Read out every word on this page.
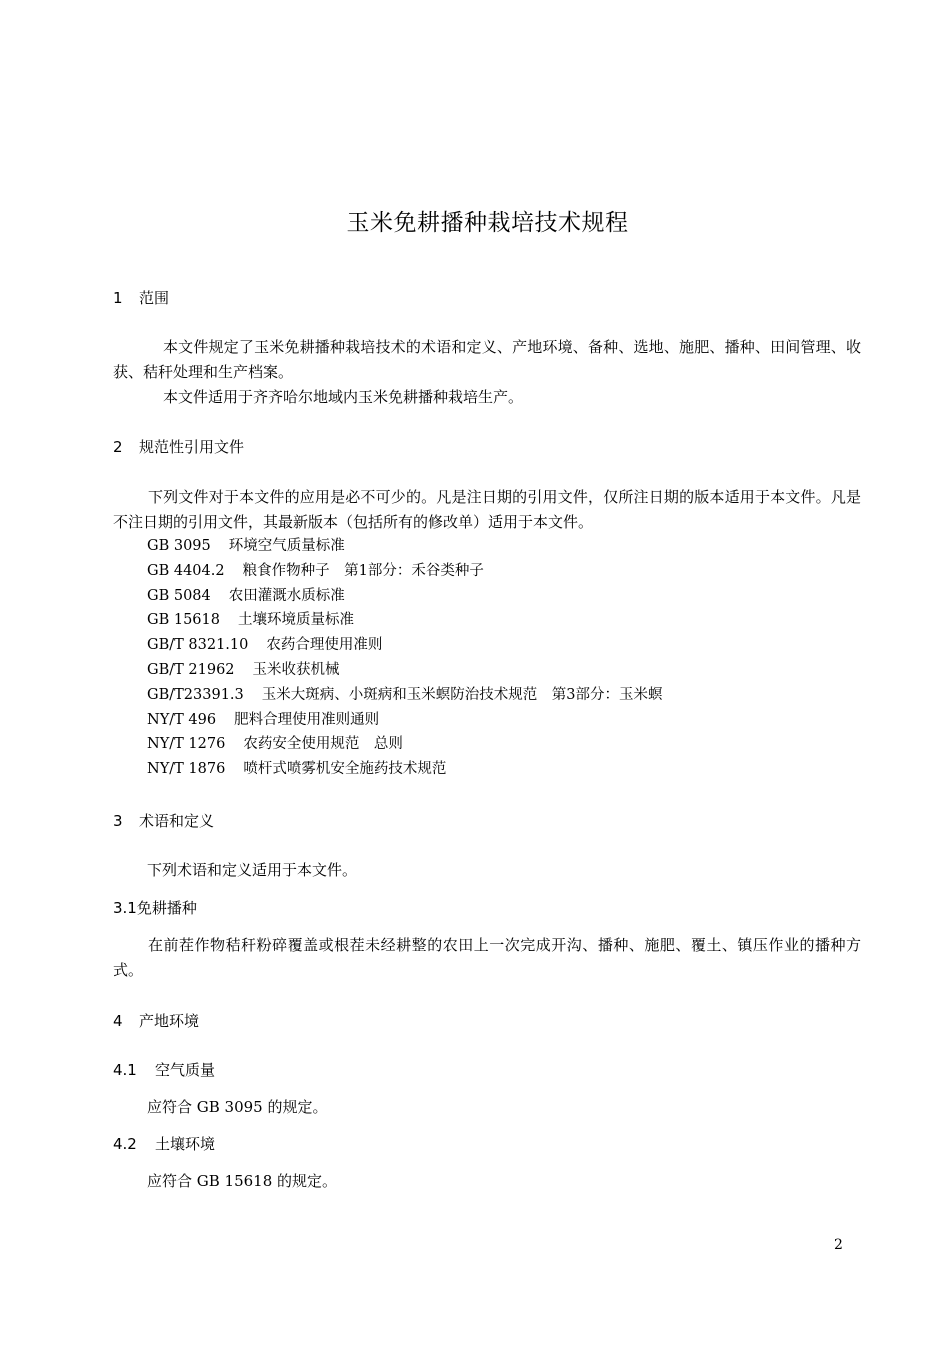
玉米免耕播种栽培技术规程
1 范围
本文件规定了玉米免耕播种栽培技术的术语和定义、产地环境、备种、选地、施肥、播种、田间管理、收获、秸秆处理和生产档案。
本文件适用于齐齐哈尔地域内玉米免耕播种栽培生产。
2 规范性引用文件
下列文件对于本文件的应用是必不可少的。凡是注日期的引用文件，仅所注日期的版本适用于本文件。凡是不注日期的引用文件，其最新版本（包括所有的修改单）适用于本文件。
GB 3095 环境空气质量标准
GB 4404.2 粮食作物种子　第1部分：禾谷类种子
GB 5084 农田灌溉水质标准
GB 15618 土壤环境质量标准
GB/T 8321.10 农药合理使用准则
GB/T 21962 玉米收获机械
GB/T23391.3 玉米大斑病、小斑病和玉米螟防治技术规范　第3部分：玉米螟
NY/T 496 肥料合理使用准则通则
NY/T 1276 农药安全使用规范　总则
NY/T 1876 喷杆式喷雾机安全施药技术规范
3 术语和定义
下列术语和定义适用于本文件。
3.1免耕播种
在前茬作物秸秆粉碎覆盖或根茬未经耕整的农田上一次完成开沟、播种、施肥、覆土、镇压作业的播种方式。
4 产地环境
4.1 空气质量
应符合 GB 3095 的规定。
4.2 土壤环境
应符合 GB 15618 的规定。
2
